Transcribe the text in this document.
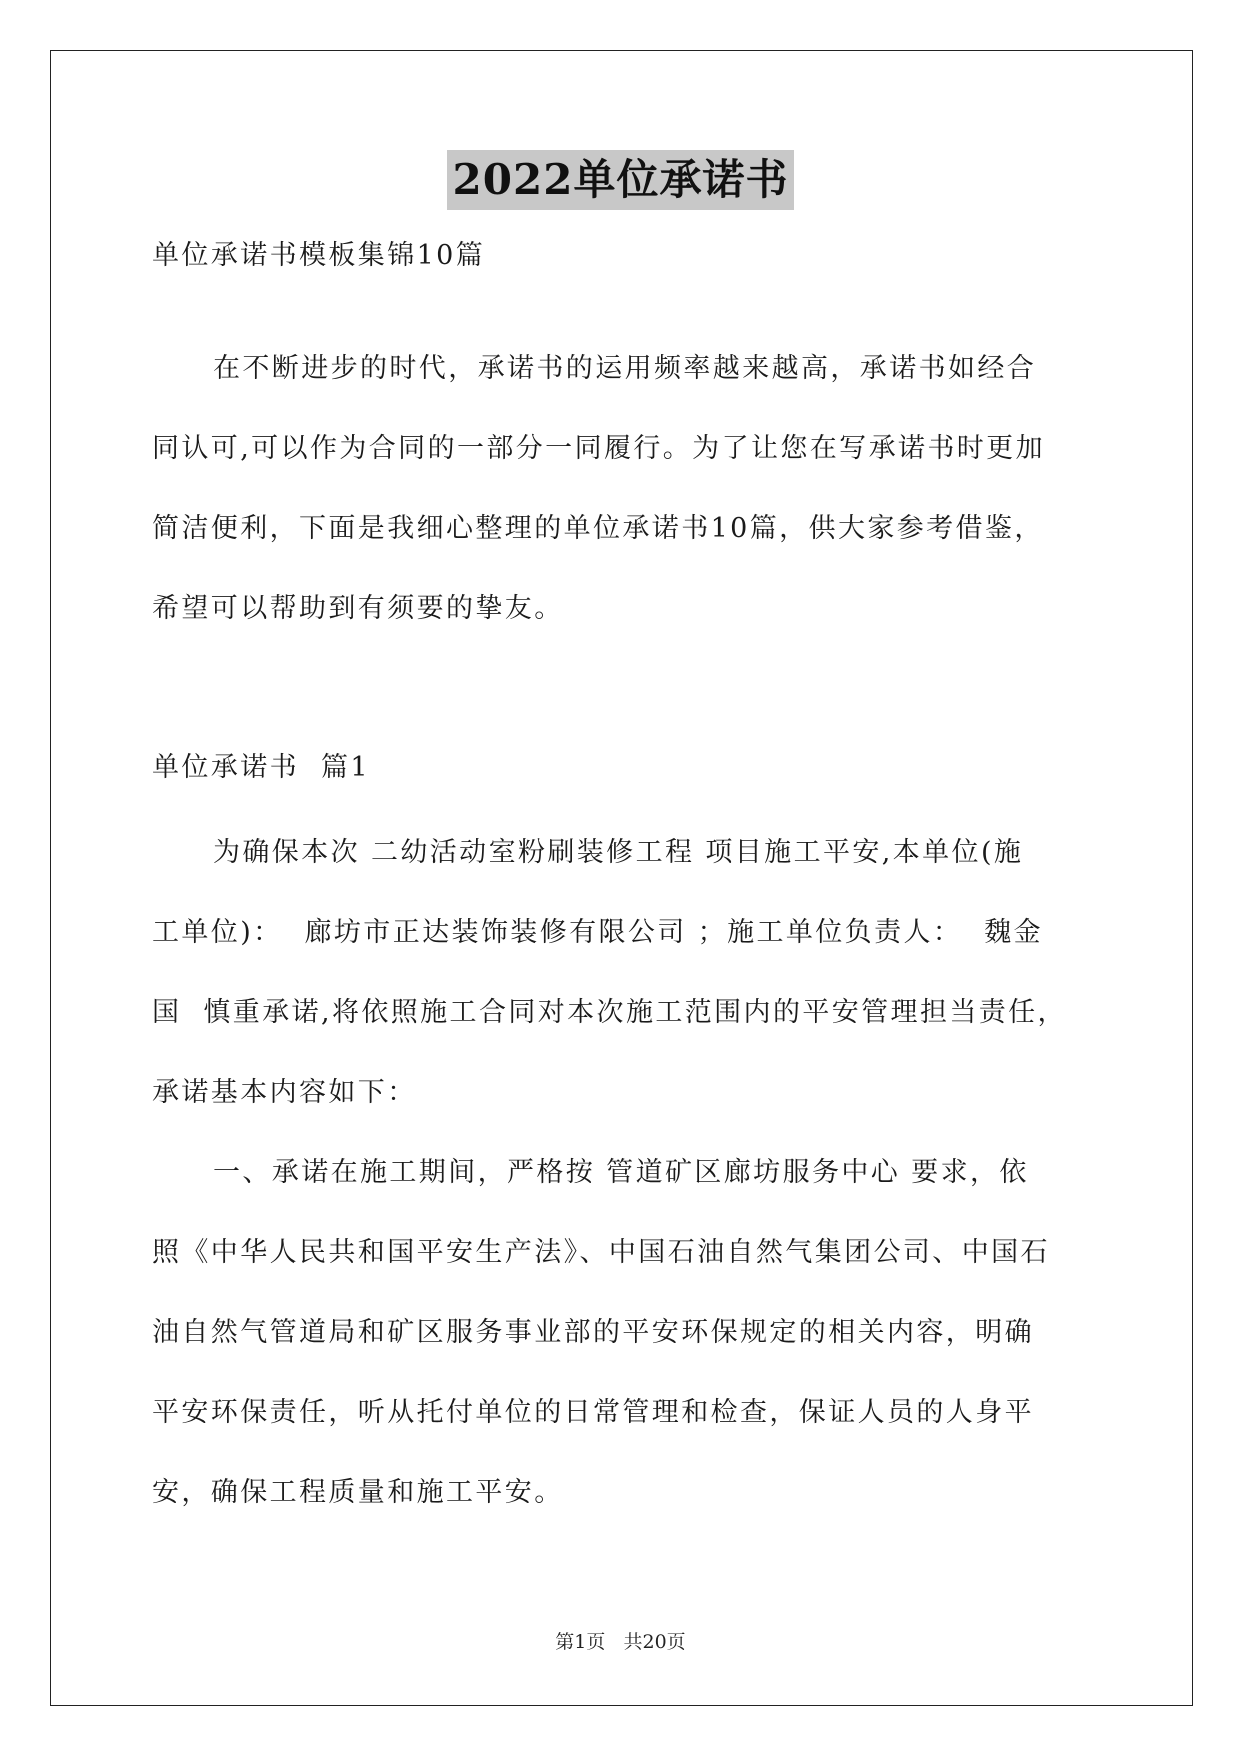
2022单位承诺书
单位承诺书模板集锦10篇
在不断进步的时代，承诺书的运用频率越来越高，承诺书如经合
同认可,可以作为合同的一部分一同履行。为了让您在写承诺书时更加
简洁便利，下面是我细心整理的单位承诺书10篇，供大家参考借鉴，
希望可以帮助到有须要的挚友。
单位承诺书  篇1
为确保本次 二幼活动室粉刷装修工程 项目施工平安,本单位(施
工单位)：  廊坊市正达装饰装修有限公司 ；施工单位负责人：  魏金
国  慎重承诺,将依照施工合同对本次施工范围内的平安管理担当责任，
承诺基本内容如下：
一、承诺在施工期间，严格按 管道矿区廊坊服务中心 要求，依
照《中华人民共和国平安生产法》、中国石油自然气集团公司、中国石
油自然气管道局和矿区服务事业部的平安环保规定的相关内容，明确
平安环保责任，听从托付单位的日常管理和检查，保证人员的人身平
安，确保工程质量和施工平安。
第1页   共20页
